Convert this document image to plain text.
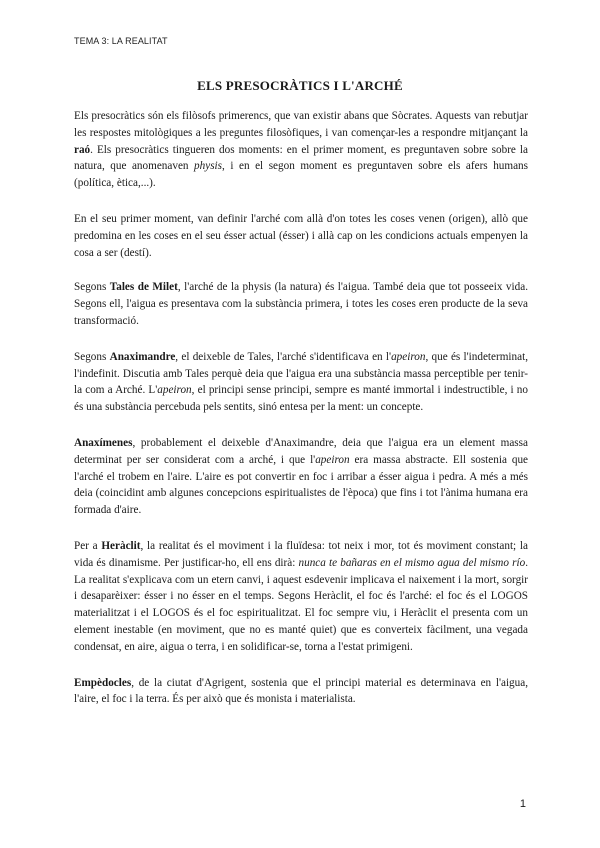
TEMA 3: LA REALITAT
ELS PRESOCRÀTICS I L'ARCHÉ

Els presocràtics són els filòsofs primerencs, que van existir abans que Sòcrates. Aquests van rebutjar les respostes mitològiques a les preguntes filosòfiques, i van començar-les a respondre mitjançant la raó. Els presocràtics tingueren dos moments: en el primer moment, es preguntaven sobre sobre la natura, que anomenaven physis, i en el segon moment es preguntaven sobre els afers humans (política, ètica,...).

En el seu primer moment, van definir l'arché com allà d'on totes les coses venen (origen), allò que predomina en les coses en el seu ésser actual (ésser) i allà cap on les condicions actuals empenyen la cosa a ser (destí).

Segons Tales de Milet, l'arché de la physis (la natura) és l'aigua. També deia que tot posseeix vida. Segons ell, l'aigua es presentava com la substància primera, i totes les coses eren producte de la seva transformació.

Segons Anaximandre, el deixeble de Tales, l'arché s'identificava en l'apeiron, que és l'indeterminat, l'indefinit. Discutia amb Tales perquè deia que l'aigua era una substància massa perceptible per tenir-la com a Arché. L'apeiron, el principi sense principi, sempre es manté immortal i indestructible, i no és una substància percebuda pels sentits, sinó entesa per la ment: un concepte.

Anaxímenes, probablement el deixeble d'Anaximandre, deia que l'aigua era un element massa determinat per ser considerat com a arché, i que l'apeiron era massa abstracte. Ell sostenia que l'arché el trobem en l'aire. L'aire es pot convertir en foc i arribar a ésser aigua i pedra. A més a més deia (coincidint amb algunes concepcions espiritualistes de l'època) que fins i tot l'ànima humana era formada d'aire.

Per a Heràclit, la realitat és el moviment i la fluïdesa: tot neix i mor, tot és moviment constant; la vida és dinamisme. Per justificar-ho, ell ens dirà: nunca te bañaras en el mismo agua del mismo río. La realitat s'explicava com un etern canvi, i aquest esdevenir implicava el naixement i la mort, sorgir i desaparèixer: ésser i no ésser en el temps. Segons Heràclit, el foc és l'arché: el foc és el LOGOS materialitzat i el LOGOS és el foc espiritualitzat. El foc sempre viu, i Heràclit el presenta com un element inestable (en moviment, que no es manté quiet) que es converteix fàcilment, una vegada condensat, en aire, aigua o terra, i en solidificar-se, torna a l'estat primigeni.

Empèdocles, de la ciutat d'Agrigent, sostenia que el principi material es determinava en l'aigua, l'aire, el foc i la terra. És per això que és monista i materialista.

1
